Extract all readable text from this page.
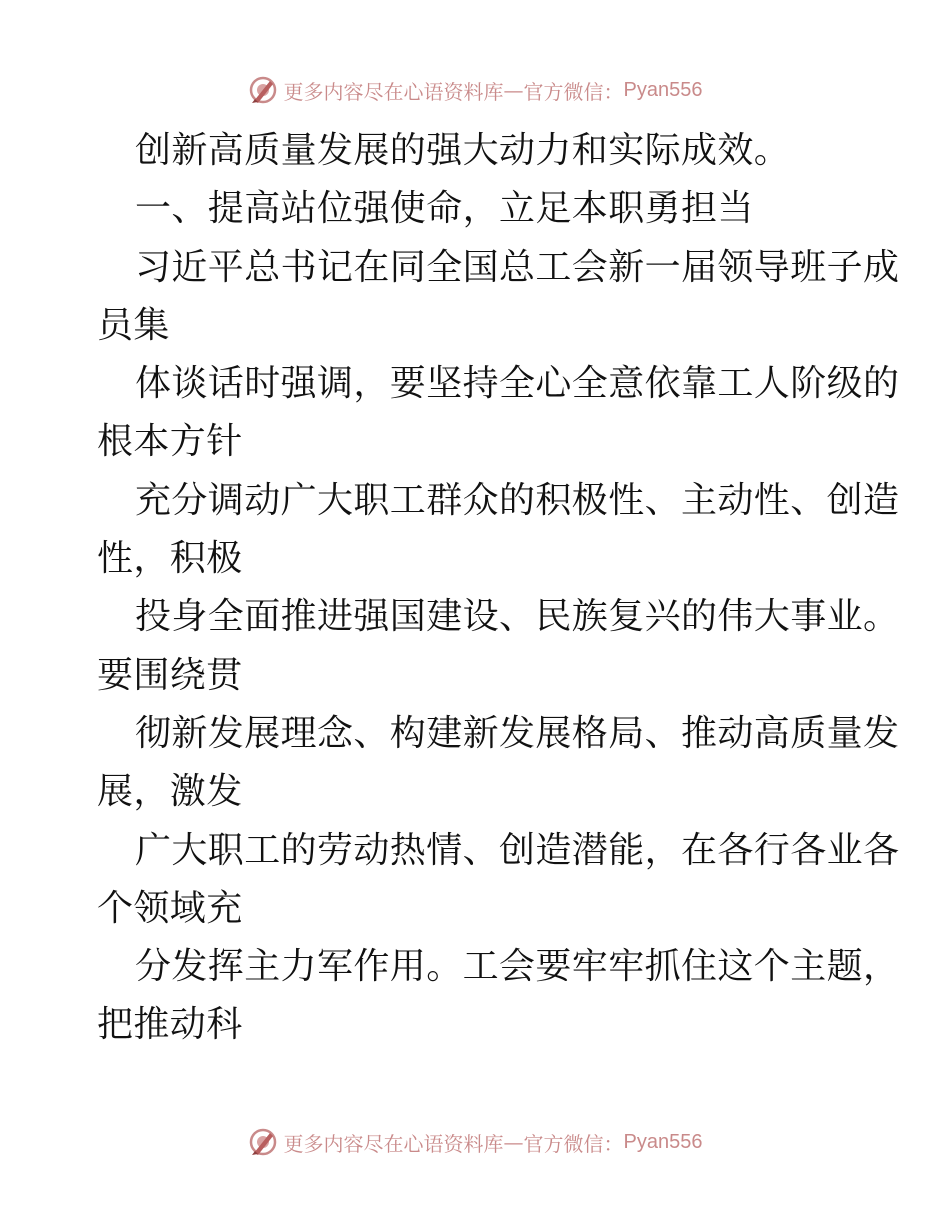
更多内容尽在心语资料库 — 官方微信： Pyan556
创新高质量发展的强大动力和实际成效。
一、提高站位强使命，立足本职勇担当
习近平总书记在同全国总工会新一届领导班子成
员集
体谈话时强调，要坚持全心全意依靠工人阶级的
根本方针
充分调动广大职工群众的积极性、主动性、创造
性，积极
投身全面推进强国建设、民族复兴的伟大事业。
要围绕贯
彻新发展理念、构建新发展格局、推动高质量发
展，激发
广大职工的劳动热情、创造潜能，在各行各业各
个领域充
分发挥主力军作用。工会要牢牢抓住这个主题，
把推动科
更多内容尽在心语资料库 — 官方微信： Pyan556
